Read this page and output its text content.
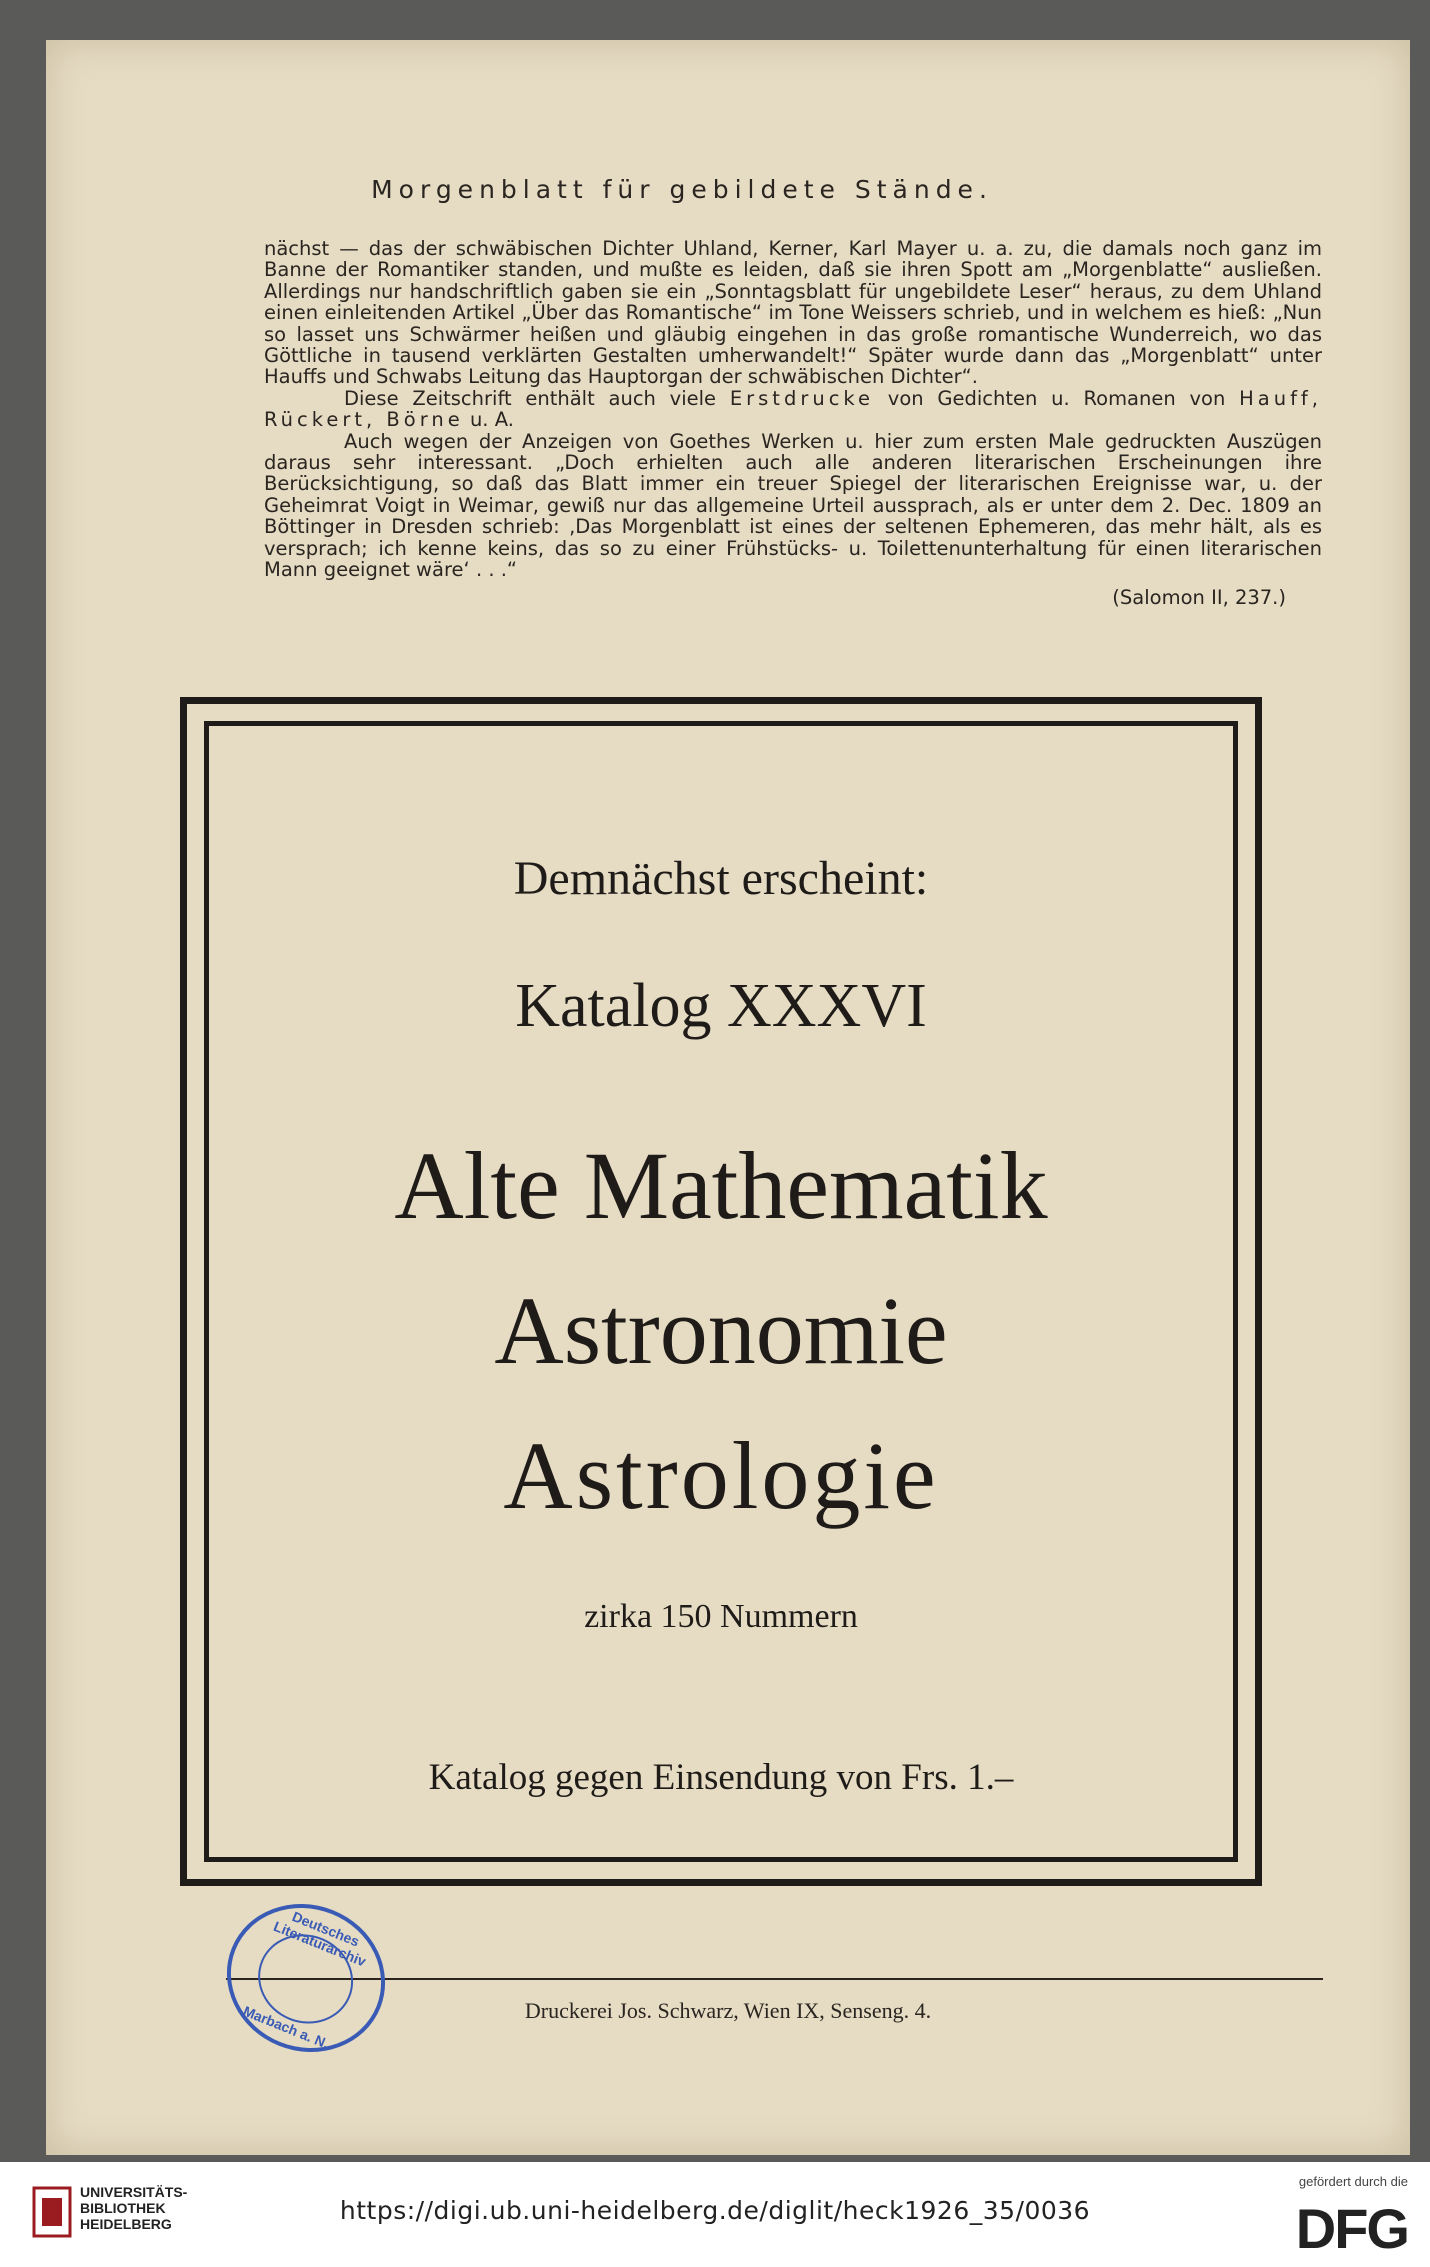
Morgenblatt für gebildete Stände.

nächst — das der schwäbischen Dichter Uhland, Kerner, Karl Mayer u. a. zu, die damals noch ganz im Banne der Romantiker standen, und mußte es leiden, daß sie ihren Spott am „Morgenblatte“ ausließen. Allerdings nur handschriftlich gaben sie ein „Sonntagsblatt für ungebildete Leser“ heraus, zu dem Uhland einen einleitenden Artikel „Über das Romantische“ im Tone Weissers schrieb, und in welchem es hieß: „Nun so lasset uns Schwärmer heißen und gläubig eingehen in das große romantische Wunderreich, wo das Göttliche in tausend verklärten Gestalten umherwandelt!“ Später wurde dann das „Morgenblatt“ unter Hauffs und Schwabs Leitung das Hauptorgan der schwäbischen Dichter“.

Diese Zeitschrift enthält auch viele Erstdrucke von Gedichten u. Romanen von Hauff, Rückert, Börne u. A.

Auch wegen der Anzeigen von Goethes Werken u. hier zum ersten Male gedruckten Auszügen daraus sehr interessant. „Doch erhielten auch alle anderen literarischen Erscheinungen ihre Berücksichtigung, so daß das Blatt immer ein treuer Spiegel der literarischen Ereignisse war, u. der Geheimrat Voigt in Weimar, gewiß nur das allgemeine Urteil aussprach, als er unter dem 2. Dec. 1809 an Böttinger in Dresden schrieb: ‚Das Morgenblatt ist eines der seltenen Ephemeren, das mehr hält, als es versprach; ich kenne keins, das so zu einer Frühstücks- u. Toilettenunterhaltung für einen literarischen Mann geeignet wäre‘ . . .“

(Salomon II, 237.)

Demnächst erscheint:
Katalog XXXVI
Alte Mathematik
Astronomie
Astrologie
zirka 150 Nummern
Katalog gegen Einsendung von Frs. 1.–
Druckerei Jos. Schwarz, Wien IX, Senseng. 4.
Deutsches Literaturarchiv
Marbach a. N.
UNIVERSITÄTS-
BIBLIOTHEK
HEIDELBERG	https://digi.ub.uni-heidelberg.de/diglit/heck1926_35/0036
gefördert durch die
DFG
